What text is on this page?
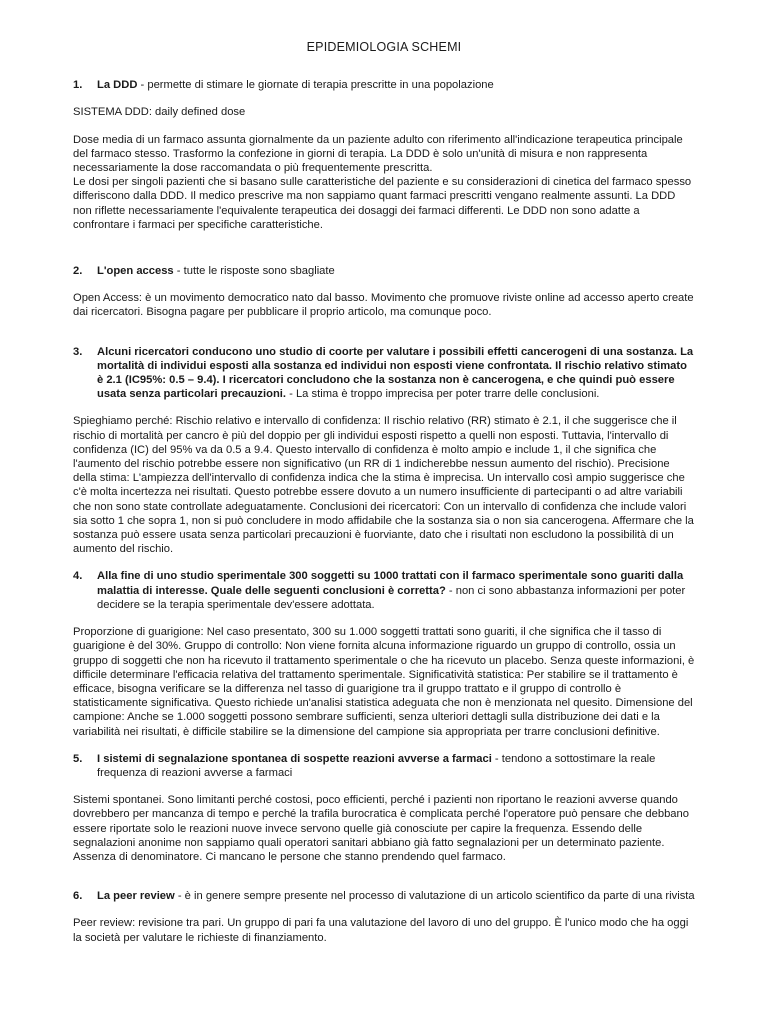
EPIDEMIOLOGIA SCHEMI
1.	La DDD - permette di stimare le giornate di terapia prescritte in una popolazione

SISTEMA DDD: daily defined dose

Dose media di un farmaco assunta giornalmente da un paziente adulto con riferimento all'indicazione terapeutica principale del farmaco stesso. Trasformo la confezione in giorni di terapia. La DDD è solo un'unità di misura e non rappresenta necessariamente la dose raccomandata o più frequentemente prescritta.
Le dosi per singoli pazienti che si basano sulle caratteristiche del paziente e su considerazioni di cinetica del farmaco spesso differiscono dalla DDD. Il medico prescrive ma non sappiamo quant farmaci prescritti vengano realmente assunti. La DDD non riflette necessariamente l'equivalente terapeutica dei dosaggi dei farmaci differenti. Le DDD non sono adatte a confrontare i farmaci per specifiche caratteristiche.

2.	L'open access - tutte le risposte sono sbagliate

Open Access: è un movimento democratico nato dal basso. Movimento che promuove riviste online ad accesso aperto create dai ricercatori. Bisogna pagare per pubblicare il proprio articolo, ma comunque poco.

3.	Alcuni ricercatori conducono uno studio di coorte per valutare i possibili effetti cancerogeni di una sostanza. La mortalità di individui esposti alla sostanza ed individui non esposti viene confrontata. Il rischio relativo stimato è 2.1 (IC95%: 0.5 – 9.4). I ricercatori concludono che la sostanza non è cancerogena, e che quindi può essere usata senza particolari precauzioni. - La stima è troppo imprecisa per poter trarre delle conclusioni.

Spieghiamo perché: Rischio relativo e intervallo di confidenza: Il rischio relativo (RR) stimato è 2.1, il che suggerisce che il rischio di mortalità per cancro è più del doppio per gli individui esposti rispetto a quelli non esposti. Tuttavia, l'intervallo di confidenza (IC) del 95% va da 0.5 a 9.4. Questo intervallo di confidenza è molto ampio e include 1, il che significa che l'aumento del rischio potrebbe essere non significativo (un RR di 1 indicherebbe nessun aumento del rischio). Precisione della stima: L'ampiezza dell'intervallo di confidenza indica che la stima è imprecisa. Un intervallo così ampio suggerisce che c'è molta incertezza nei risultati. Questo potrebbe essere dovuto a un numero insufficiente di partecipanti o ad altre variabili che non sono state controllate adeguatamente. Conclusioni dei ricercatori: Con un intervallo di confidenza che include valori sia sotto 1 che sopra 1, non si può concludere in modo affidabile che la sostanza sia o non sia cancerogena. Affermare che la sostanza può essere usata senza particolari precauzioni è fuorviante, dato che i risultati non escludono la possibilità di un aumento del rischio.

4.	Alla fine di uno studio sperimentale 300 soggetti su 1000 trattati con il farmaco sperimentale sono guariti dalla malattia di interesse. Quale delle seguenti conclusioni è corretta? - non ci sono abbastanza informazioni per poter decidere se la terapia sperimentale dev'essere adottata.

Proporzione di guarigione: Nel caso presentato, 300 su 1.000 soggetti trattati sono guariti, il che significa che il tasso di guarigione è del 30%. Gruppo di controllo: Non viene fornita alcuna informazione riguardo un gruppo di controllo, ossia un gruppo di soggetti che non ha ricevuto il trattamento sperimentale o che ha ricevuto un placebo. Senza queste informazioni, è difficile determinare l'efficacia relativa del trattamento sperimentale. Significatività statistica: Per stabilire se il trattamento è efficace, bisogna verificare se la differenza nel tasso di guarigione tra il gruppo trattato e il gruppo di controllo è statisticamente significativa. Questo richiede un'analisi statistica adeguata che non è menzionata nel quesito. Dimensione del campione: Anche se 1.000 soggetti possono sembrare sufficienti, senza ulteriori dettagli sulla distribuzione dei dati e la variabilità nei risultati, è difficile stabilire se la dimensione del campione sia appropriata per trarre conclusioni definitive.

5.	I sistemi di segnalazione spontanea di sospette reazioni avverse a farmaci - tendono a sottostimare la reale frequenza di reazioni avverse a farmaci

Sistemi spontanei. Sono limitanti perché costosi, poco efficienti, perché i pazienti non riportano le reazioni avverse quando dovrebbero per mancanza di tempo e perché la trafila burocratica è complicata perché l'operatore può pensare che debbano essere riportate solo le reazioni nuove invece servono quelle già conosciute per capire la frequenza. Essendo delle segnalazioni anonime non sappiamo quali operatori sanitari abbiano già fatto segnalazioni per un determinato paziente. Assenza di denominatore. Ci mancano le persone che stanno prendendo quel farmaco.

6.	La peer review - è in genere sempre presente nel processo di valutazione di un articolo scientifico da parte di una rivista

Peer review: revisione tra pari. Un gruppo di pari fa una valutazione del lavoro di uno del gruppo. È l'unico modo che ha oggi la società per valutare le richieste di finanziamento.
